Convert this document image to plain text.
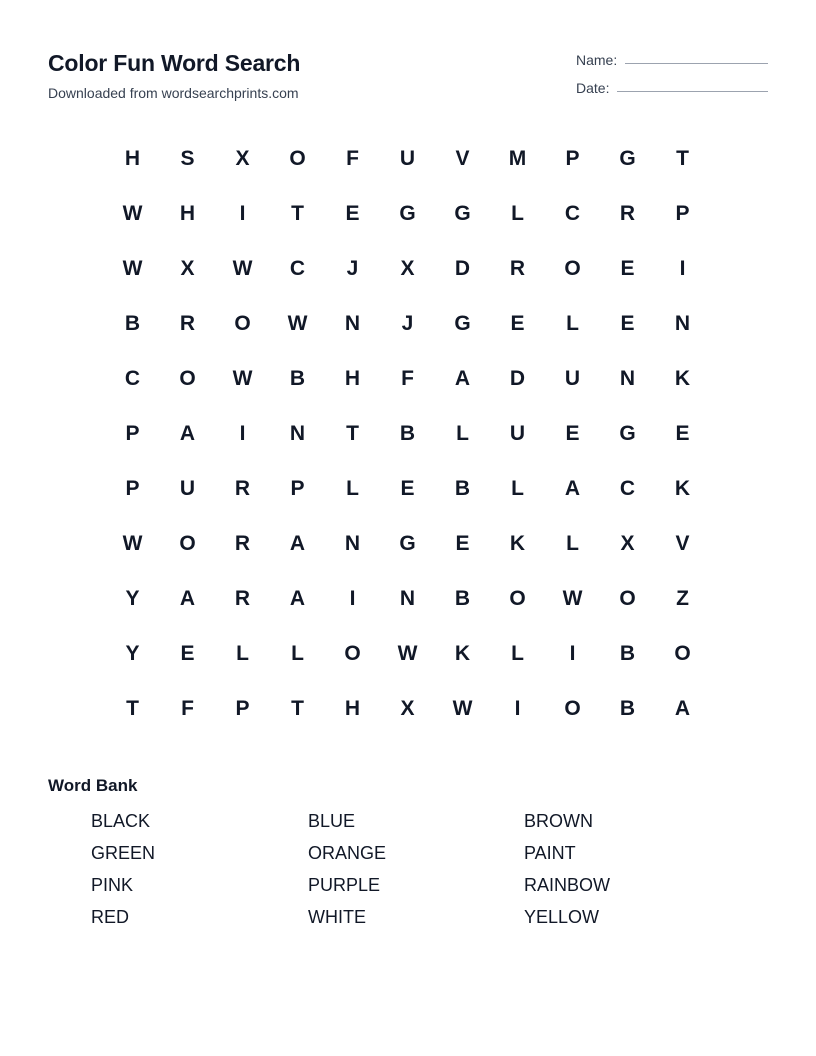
Color Fun Word Search
Downloaded from wordsearchprints.com
Name:
Date:
H	S	X	O	F	U	V	M	P	G	T
W	H	I	T	E	G	G	L	C	R	P
W	X	W	C	J	X	D	R	O	E	I
B	R	O	W	N	J	G	E	L	E	N
C	O	W	B	H	F	A	D	U	N	K
P	A	I	N	T	B	L	U	E	G	E
P	U	R	P	L	E	B	L	A	C	K
W	O	R	A	N	G	E	K	L	X	V
Y	A	R	A	I	N	B	O	W	O	Z
Y	E	L	L	O	W	K	L	I	B	O
T	F	P	T	H	X	W	I	O	B	A
Word Bank
BLACK	BLUE	BROWN
GREEN	ORANGE	PAINT
PINK	PURPLE	RAINBOW
RED	WHITE	YELLOW
